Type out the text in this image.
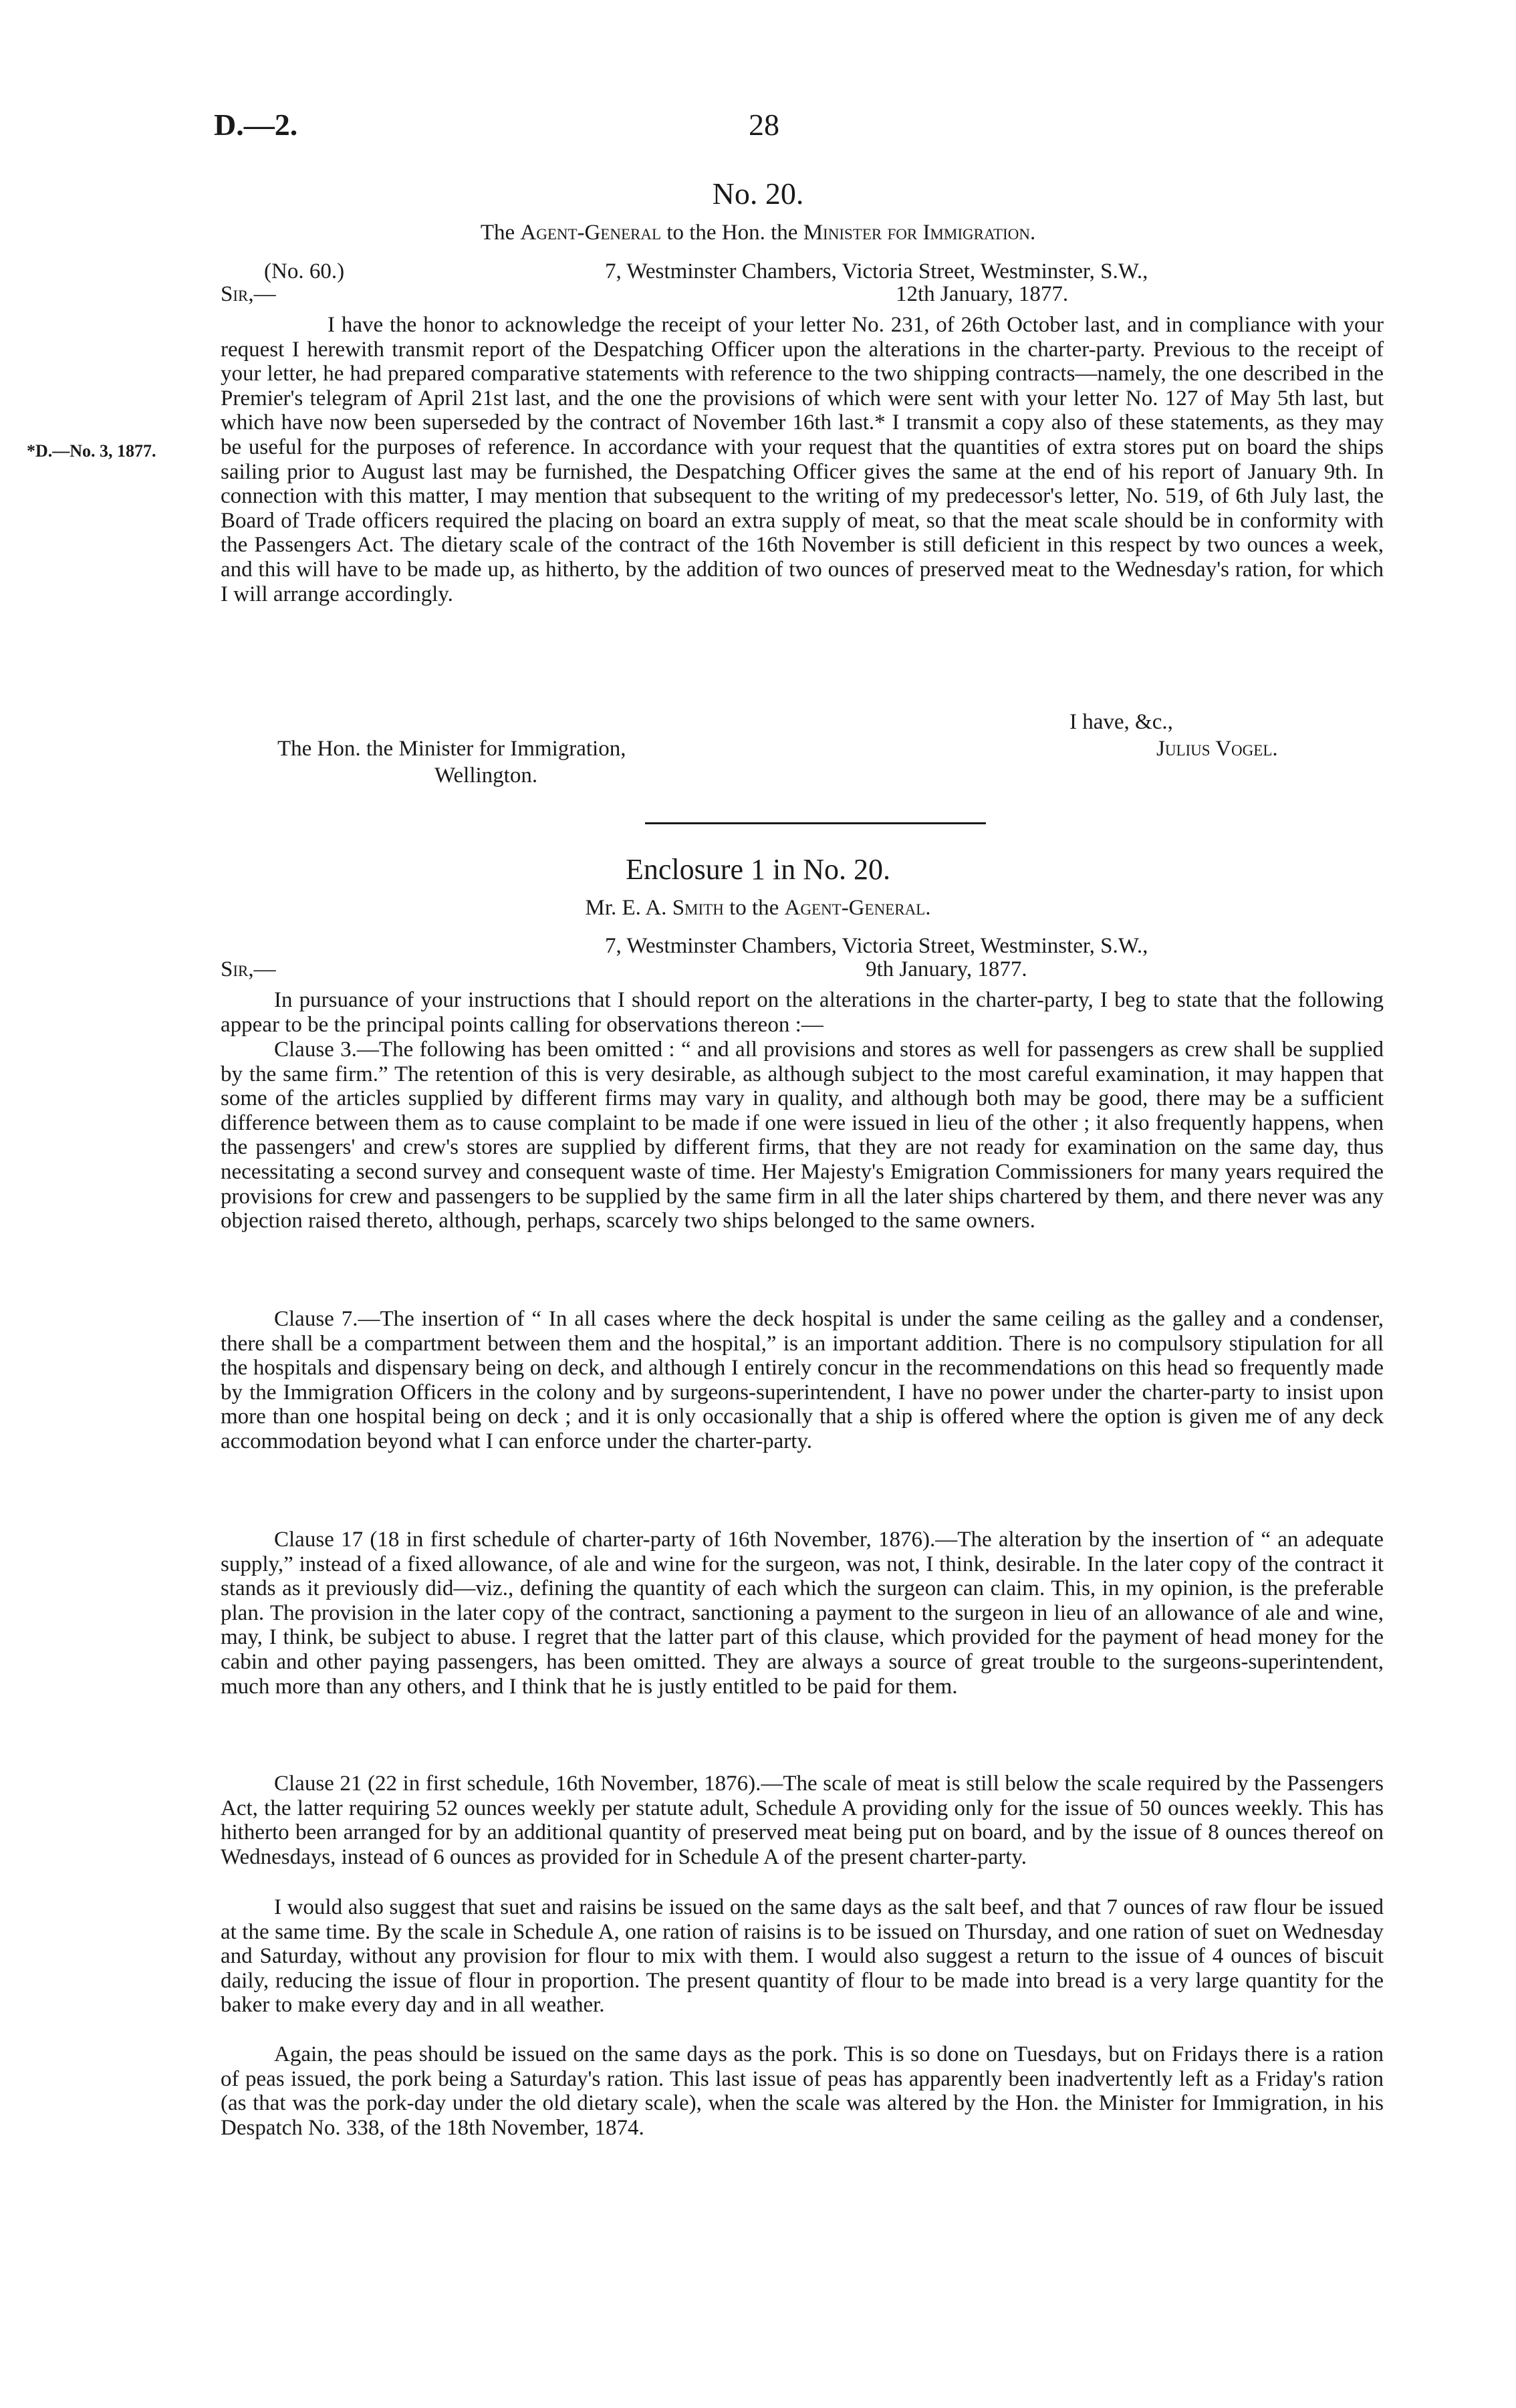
D.—2.	28
No. 20.
The Agent-General to the Hon. the Minister for Immigration.
(No. 60.)	7, Westminster Chambers, Victoria Street, Westminster, S.W.,
Sir,—	12th January, 1877.
*D.—No. 3, 1877.
I have the honor to acknowledge the receipt of your letter No. 231, of 26th October last, and in compliance with your request I herewith transmit report of the Despatching Officer upon the alterations in the charter-party. Previous to the receipt of your letter, he had prepared comparative statements with reference to the two shipping contracts—namely, the one described in the Premier's telegram of April 21st last, and the one the provisions of which were sent with your letter No. 127 of May 5th last, but which have now been superseded by the contract of November 16th last.* I transmit a copy also of these statements, as they may be useful for the purposes of reference. In accordance with your request that the quantities of extra stores put on board the ships sailing prior to August last may be furnished, the Despatching Officer gives the same at the end of his report of January 9th. In connection with this matter, I may mention that subsequent to the writing of my predecessor's letter, No. 519, of 6th July last, the Board of Trade officers required the placing on board an extra supply of meat, so that the meat scale should be in conformity with the Passengers Act. The dietary scale of the contract of the 16th November is still deficient in this respect by two ounces a week, and this will have to be made up, as hitherto, by the addition of two ounces of preserved meat to the Wednesday's ration, for which I will arrange accordingly.
I have, &c.,
The Hon. the Minister for Immigration,	Julius Vogel.
Wellington.
Enclosure 1 in No. 20.
Mr. E. A. Smith to the Agent-General.
7, Westminster Chambers, Victoria Street, Westminster, S.W.,
Sir,—	9th January, 1877.
In pursuance of your instructions that I should report on the alterations in the charter-party, I beg to state that the following appear to be the principal points calling for observations thereon :—
Clause 3.—The following has been omitted : “ and all provisions and stores as well for passengers as crew shall be supplied by the same firm.” The retention of this is very desirable, as although subject to the most careful examination, it may happen that some of the articles supplied by different firms may vary in quality, and although both may be good, there may be a sufficient difference between them as to cause complaint to be made if one were issued in lieu of the other ; it also frequently happens, when the passengers' and crew's stores are supplied by different firms, that they are not ready for examination on the same day, thus necessitating a second survey and consequent waste of time. Her Majesty's Emigration Commissioners for many years required the provisions for crew and passengers to be supplied by the same firm in all the later ships chartered by them, and there never was any objection raised thereto, although, perhaps, scarcely two ships belonged to the same owners.
Clause 7.—The insertion of “ In all cases where the deck hospital is under the same ceiling as the galley and a condenser, there shall be a compartment between them and the hospital,” is an important addition. There is no compulsory stipulation for all the hospitals and dispensary being on deck, and although I entirely concur in the recommendations on this head so frequently made by the Immigration Officers in the colony and by surgeons-superintendent, I have no power under the charter-party to insist upon more than one hospital being on deck ; and it is only occasionally that a ship is offered where the option is given me of any deck accommodation beyond what I can enforce under the charter-party.
Clause 17 (18 in first schedule of charter-party of 16th November, 1876).—The alteration by the insertion of “ an adequate supply,” instead of a fixed allowance, of ale and wine for the surgeon, was not, I think, desirable. In the later copy of the contract it stands as it previously did—viz., defining the quantity of each which the surgeon can claim. This, in my opinion, is the preferable plan. The provision in the later copy of the contract, sanctioning a payment to the surgeon in lieu of an allowance of ale and wine, may, I think, be subject to abuse. I regret that the latter part of this clause, which provided for the payment of head money for the cabin and other paying passengers, has been omitted. They are always a source of great trouble to the surgeons-superintendent, much more than any others, and I think that he is justly entitled to be paid for them.
Clause 21 (22 in first schedule, 16th November, 1876).—The scale of meat is still below the scale required by the Passengers Act, the latter requiring 52 ounces weekly per statute adult, Schedule A providing only for the issue of 50 ounces weekly. This has hitherto been arranged for by an additional quantity of preserved meat being put on board, and by the issue of 8 ounces thereof on Wednesdays, instead of 6 ounces as provided for in Schedule A of the present charter-party.
I would also suggest that suet and raisins be issued on the same days as the salt beef, and that 7 ounces of raw flour be issued at the same time. By the scale in Schedule A, one ration of raisins is to be issued on Thursday, and one ration of suet on Wednesday and Saturday, without any provision for flour to mix with them. I would also suggest a return to the issue of 4 ounces of biscuit daily, reducing the issue of flour in proportion. The present quantity of flour to be made into bread is a very large quantity for the baker to make every day and in all weather.
Again, the peas should be issued on the same days as the pork. This is so done on Tuesdays, but on Fridays there is a ration of peas issued, the pork being a Saturday's ration. This last issue of peas has apparently been inadvertently left as a Friday's ration (as that was the pork-day under the old dietary scale), when the scale was altered by the Hon. the Minister for Immigration, in his Despatch No. 338, of the 18th November, 1874.
